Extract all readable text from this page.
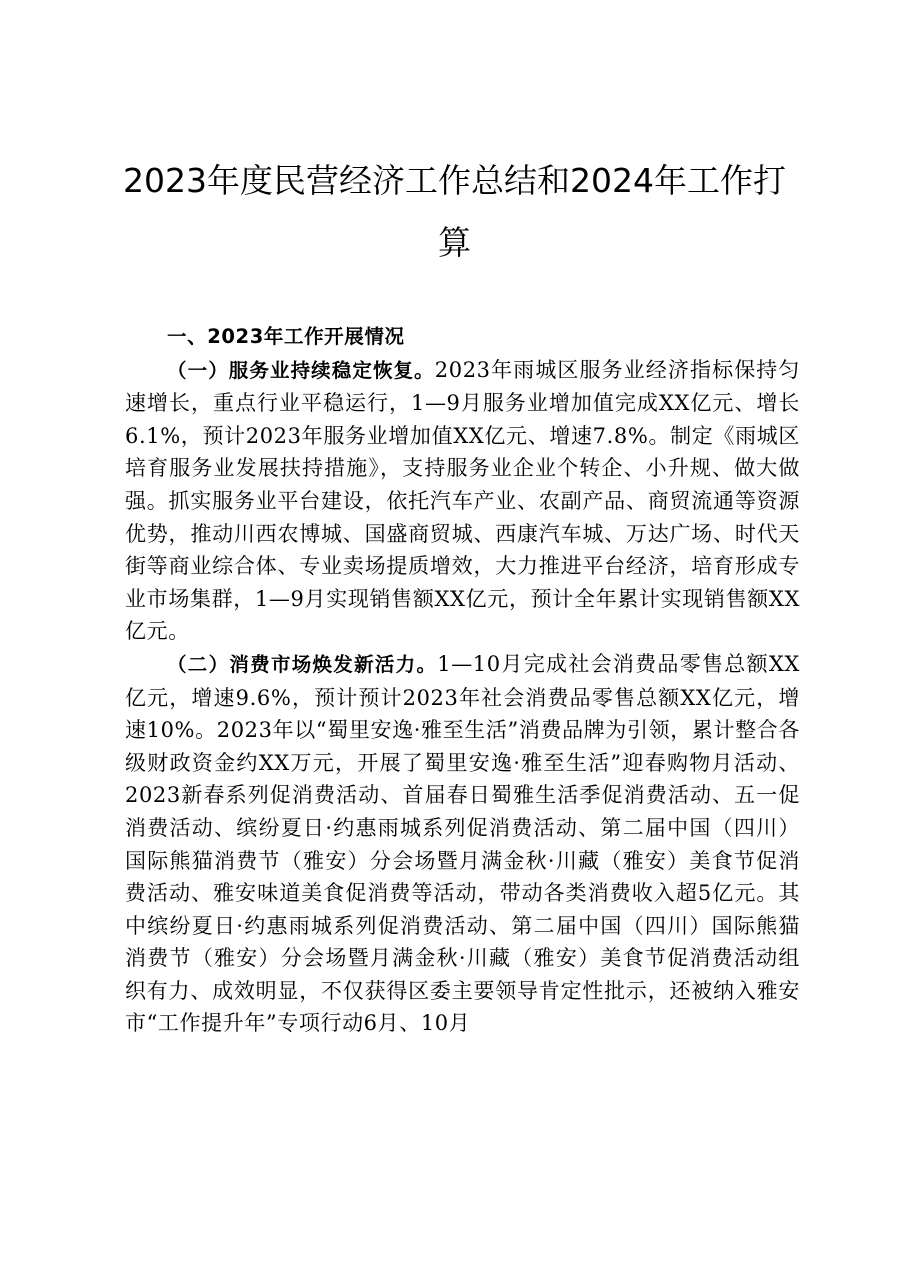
2023年度民营经济工作总结和2024年工作打算

一、2023年工作开展情况

（一）服务业持续稳定恢复。2023年雨城区服务业经济指标保持匀速增长，重点行业平稳运行，1—9月服务业增加值完成XX亿元、增长6.1%，预计2023年服务业增加值XX亿元、增速7.8%。制定《雨城区培育服务业发展扶持措施》，支持服务业企业个转企、小升规、做大做强。抓实服务业平台建设，依托汽车产业、农副产品、商贸流通等资源优势，推动川西农博城、国盛商贸城、西康汽车城、万达广场、时代天街等商业综合体、专业卖场提质增效，大力推进平台经济，培育形成专业市场集群，1—9月实现销售额XX亿元，预计全年累计实现销售额XX亿元。

（二）消费市场焕发新活力。1—10月完成社会消费品零售总额XX亿元，增速9.6%，预计预计2023年社会消费品零售总额XX亿元，增速10%。2023年以“蜀里安逸·雅至生活”消费品牌为引领，累计整合各级财政资金约XX万元，开展了蜀里安逸·雅至生活”迎春购物月活动、2023新春系列促消费活动、首届春日蜀雅生活季促消费活动、五一促消费活动、缤纷夏日·约惠雨城系列促消费活动、第二届中国（四川）国际熊猫消费节（雅安）分会场暨月满金秋·川藏（雅安）美食节促消费活动、雅安味道美食促消费等活动，带动各类消费收入超5亿元。其中缤纷夏日·约惠雨城系列促消费活动、第二届中国（四川）国际熊猫消费节（雅安）分会场暨月满金秋·川藏（雅安）美食节促消费活动组织有力、成效明显，不仅获得区委主要领导肯定性批示，还被纳入雅安市“工作提升年”专项行动6月、10月
